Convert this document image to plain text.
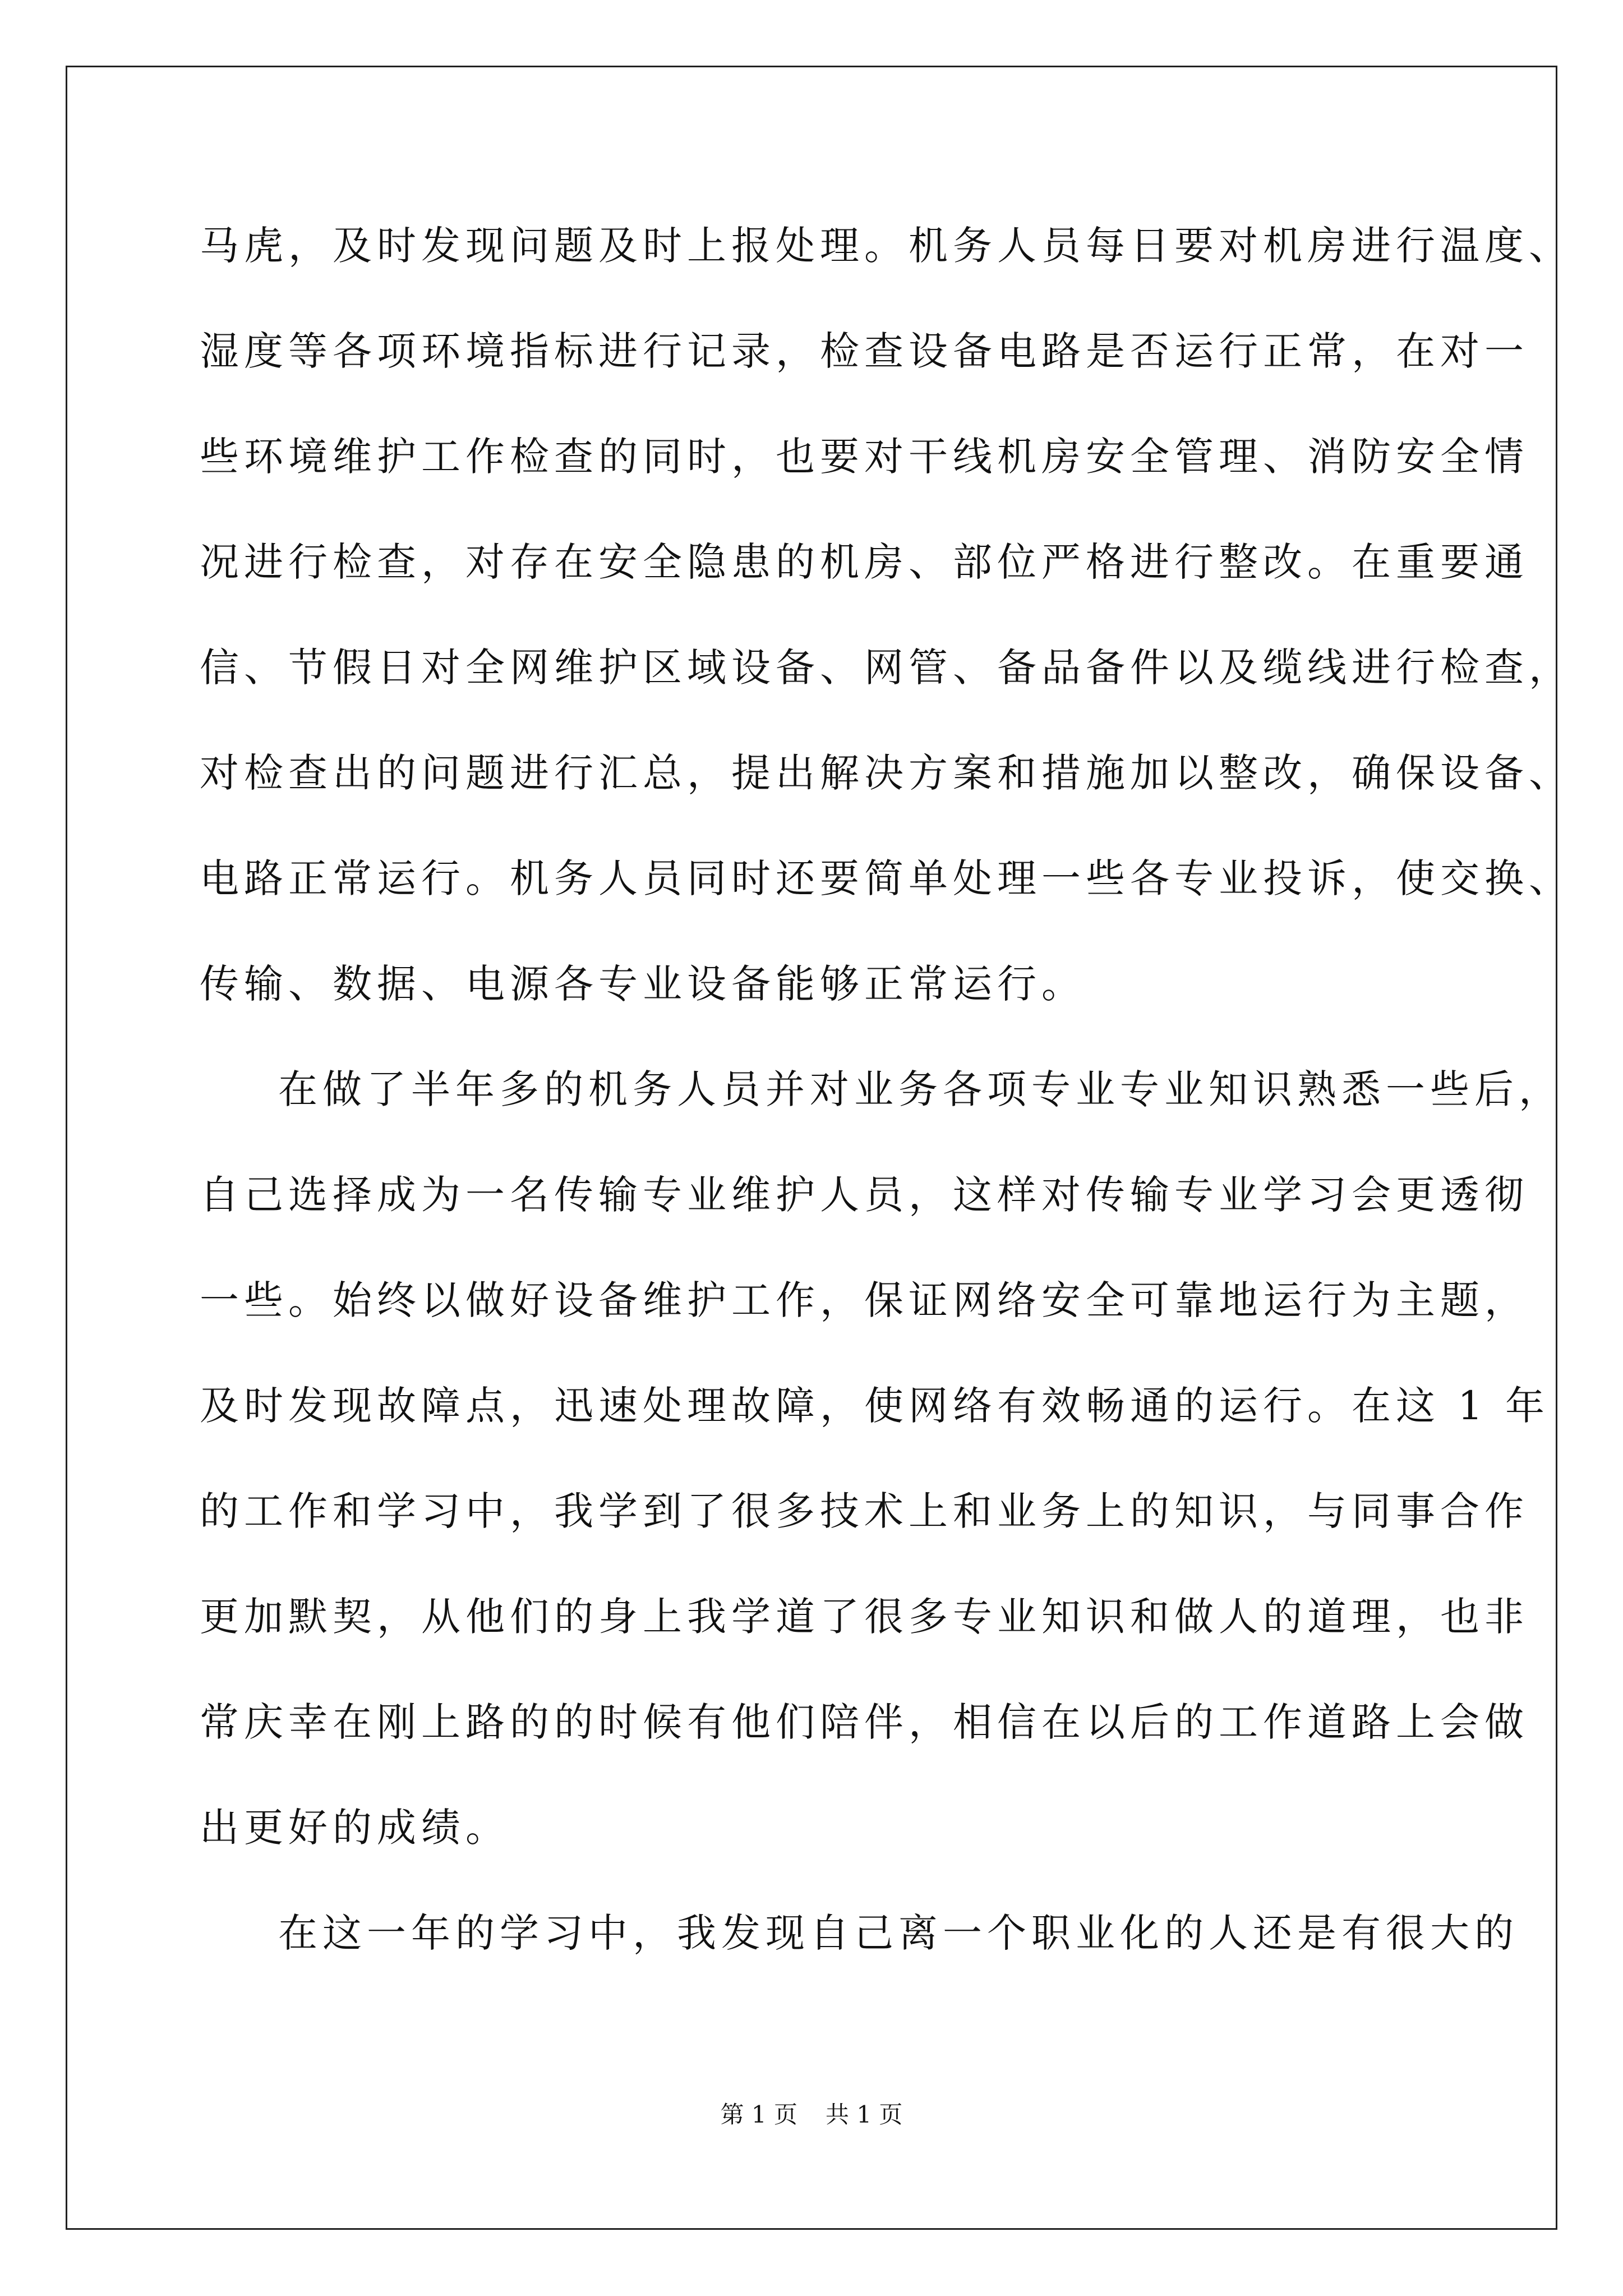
马虎，及时发现问题及时上报处理。机务人员每日要对机房进行温度、
湿度等各项环境指标进行记录，检查设备电路是否运行正常，在对一
些环境维护工作检查的同时，也要对干线机房安全管理、消防安全情
况进行检查，对存在安全隐患的机房、部位严格进行整改。在重要通
信、节假日对全网维护区域设备、网管、备品备件以及缆线进行检查，
对检查出的问题进行汇总，提出解决方案和措施加以整改，确保设备、
电路正常运行。机务人员同时还要简单处理一些各专业投诉，使交换、
传输、数据、电源各专业设备能够正常运行。
在做了半年多的机务人员并对业务各项专业专业知识熟悉一些后，
自己选择成为一名传输专业维护人员，这样对传输专业学习会更透彻
一些。始终以做好设备维护工作，保证网络安全可靠地运行为主题，
及时发现故障点，迅速处理故障，使网络有效畅通的运行。在这 1 年
的工作和学习中，我学到了很多技术上和业务上的知识，与同事合作
更加默契，从他们的身上我学道了很多专业知识和做人的道理，也非
常庆幸在刚上路的的时候有他们陪伴，相信在以后的工作道路上会做
出更好的成绩。
在这一年的学习中，我发现自己离一个职业化的人还是有很大的
第 1 页 共 1 页
